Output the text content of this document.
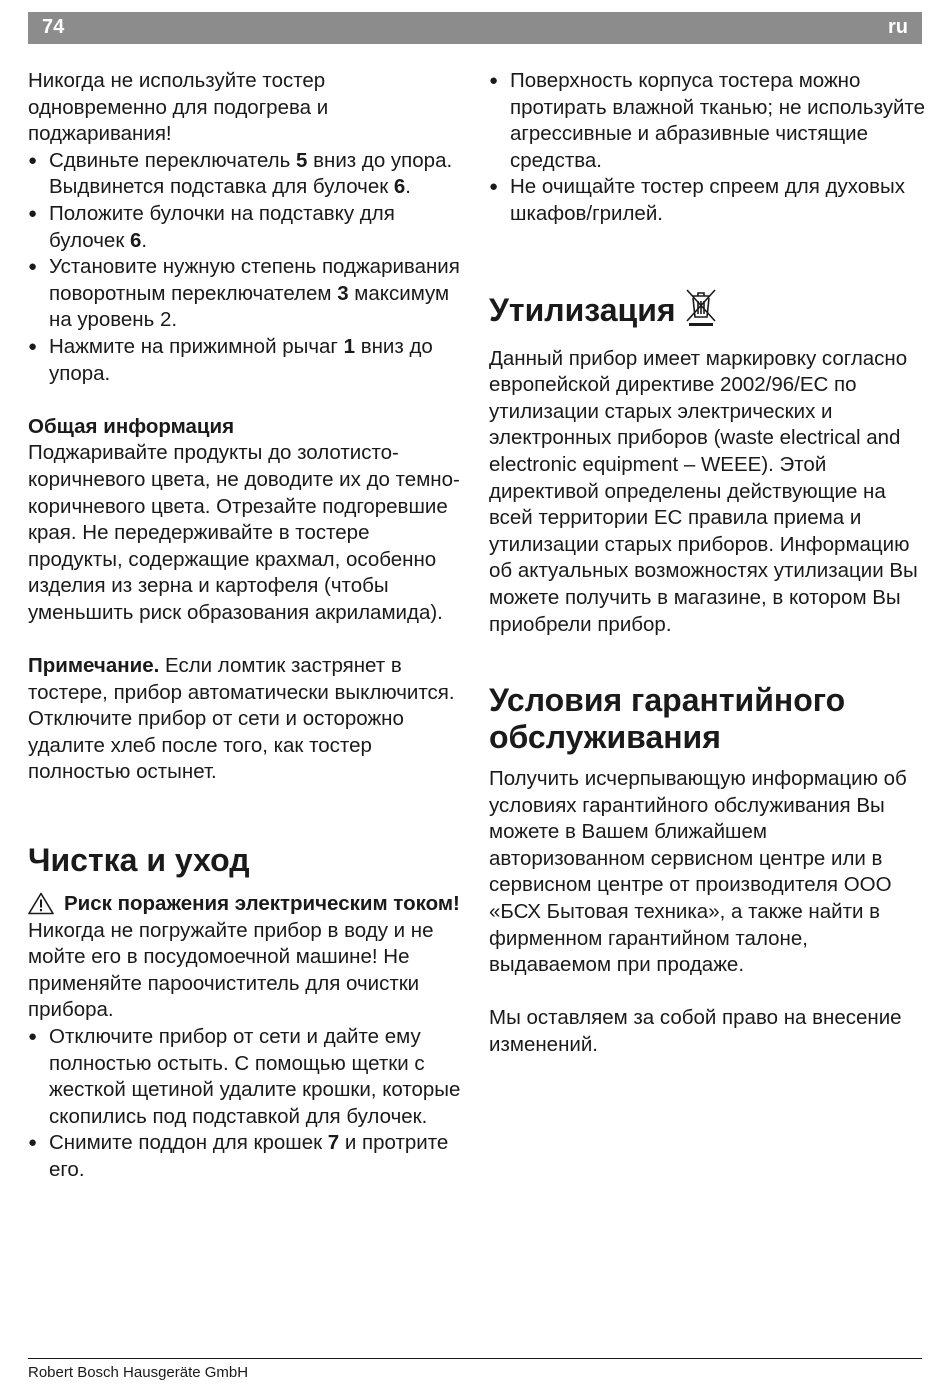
74	ru

Никогда не используйте тостер одновременно для подогрева и поджаривания!

● Сдвиньте переключатель 5 вниз до упора. Выдвинется подставка для булочек 6.
● Положите булочки на подставку для булочек 6.
● Установите нужную степень поджаривания поворотным переключателем 3 максимум на уровень 2.
● Нажмите на прижимной рычаг 1 вниз до упора.

Общая информация

Поджаривайте продукты до золотисто-коричневого цвета, не доводите их до темно-коричневого цвета. Отрезайте подгоревшие края. Не передерживайте в тостере продукты, содержащие крахмал, особенно изделия из зерна и картофеля (чтобы уменьшить риск образования акриламида).

Примечание. Если ломтик застрянет в тостере, прибор автоматически выключится. Отключите прибор от сети и осторожно удалите хлеб после того, как тостер полностью остынет.

Чистка и уход

Риск поражения электрическим током!

Никогда не погружайте прибор в воду и не мойте его в посудомоечной машине! Не применяйте пароочиститель для очистки прибора.

● Отключите прибор от сети и дайте ему полностью остыть. С помощью щетки с жесткой щетиной удалите крошки, которые скопились под подставкой для булочек.
● Снимите поддон для крошек 7 и протрите его.
● Поверхность корпуса тостера можно протирать влажной тканью; не используйте агрессивные и абразивные чистящие средства.
● Не очищайте тостер спреем для духовых шкафов/грилей.
Утилизация

Данный прибор имеет маркировку согласно европейской директиве 2002/96/ЕС по утилизации старых электрических и электронных приборов (waste electrical and electronic equipment – WEEE). Этой директивой определены действующие на всей территории ЕС правила приема и утилизации старых приборов. Информацию об актуальных возможностях утилизации Вы можете получить в магазине, в котором Вы приобрели прибор.

Условия гарантийного обслуживания

Получить исчерпывающую информацию об условиях гарантийного обслуживания Вы можете в Вашем ближайшем авторизованном сервисном центре или в сервисном центре от производителя ООО «БСХ Бытовая техника», а также найти в фирменном гарантийном талоне, выдаваемом при продаже.

Мы оставляем за собой право на внесение изменений.

Robert Bosch Hausgeräte GmbH
